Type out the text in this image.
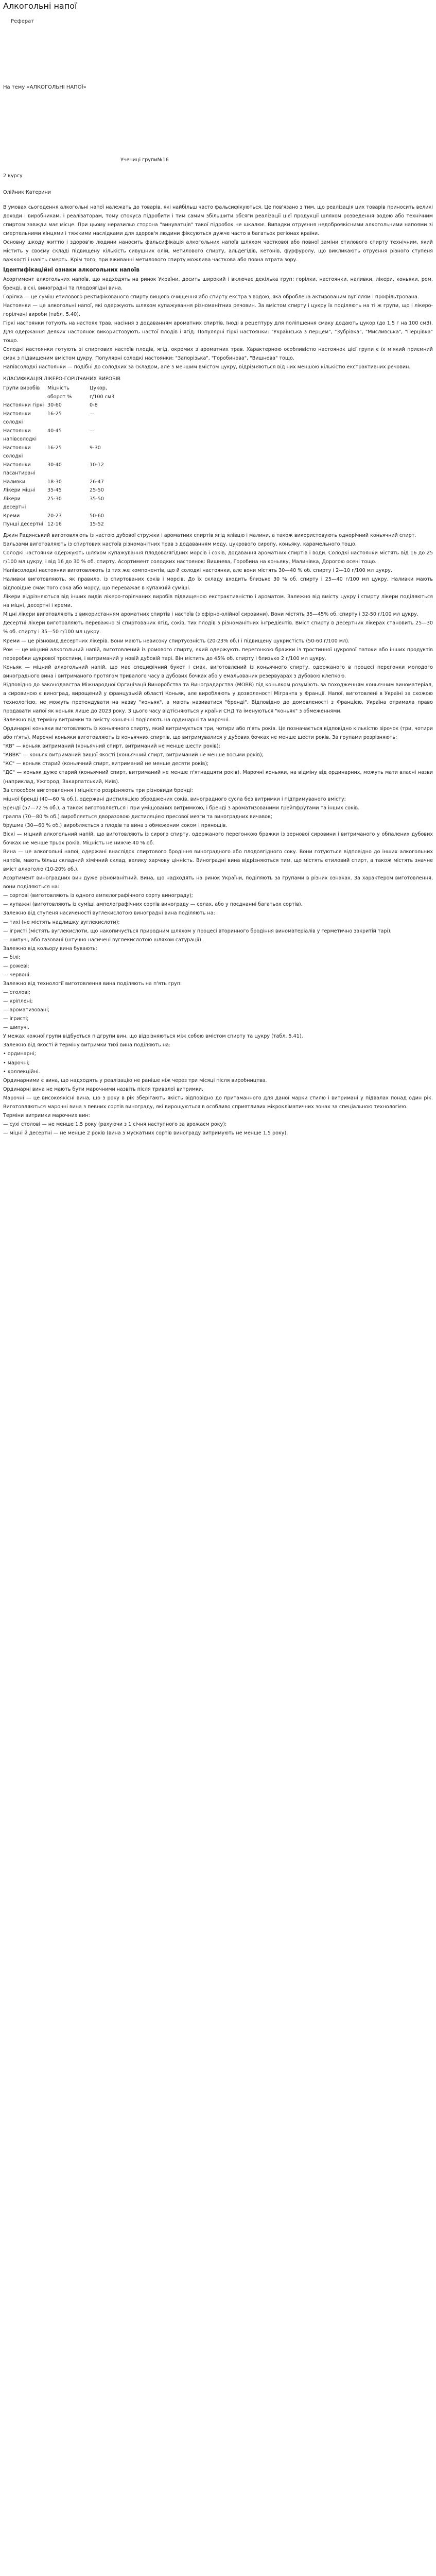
Алкогольні напої
Реферат
На тему «АЛКОГОЛЬНІ НАПОЇ»
Учениці групи№16
2 курсу
Олійник Катерини

В умовах сьогодення алкогольні напої належать до товарів, які найбільш часто фальсифікуються. Це пов'язано з тим, що реалізація цих товарів приносить великі доходи і виробникам, і реалізаторам, тому спокуса підробити і тим самим збільшити обсяги реалізації цієї продукції шляхом розведення водою або технічним спиртом завжди має місце. При цьому неразильо сторона "винуватців" такої підробок не шкалює. Випадки отруєння недоброякісними алкогольними напоями зі смертельними кінцями і тяжкими наслідками для здоров'я людини фіксуються дужче часто в багатьох регіонах країни.

Основну шкоду життю і здоров'ю людини наносить фальсифікація алкогольних напоїв шляхом часткової або повної заміни етилового спирту технічним, який містить у своєму складі підвищену кількість сивушних олій, метилового спирту, альдегідів, кетонів, фурфуролу, що викликають отруєння різного ступеня важкості і навіть смерть. Крім того, при вживанні метилового спирту можлива часткова або повна втрата зору.

Ідентифікаційні ознаки алкогольних напоїв

Асортимент алкогольних напоїв, що надходять на ринок України, досить широкий і включає декілька груп: горілки, настоянки, наливки, лікери, коньяки, ром, бренді, віскі, виноградні та плодоягідні вина.

Горілка — це суміш етилового ректифікованого спирту вищого очищення або спирту екстра з водою, яка оброблена активованим вугіллям і профільтрована.

Настоянки — це алкогольні напої, які одержують шляхом купажування різноманітних речовин. За вмістом спирту і цукру їх поділяють на ті ж групи, що і лікеро-горілчані вироби (табл. 5.40).

Гіркі настоянки готують на настоях трав, насіння з додаванням ароматних спиртів. Іноді в рецептуру для поліпшення смаку додають цукор (до 1,5 г на 100 см3). Для одержання деяких настоянок використовують настої плодів і ягід. Популярні гіркі настоянки: "Українська з перцем", "Зубрівка", "Мисливська", "Перцівка" тощо.

Солодкі настоянки готують зі спиртових настоїв плодів, ягід, окремих з ароматних трав. Характерною особливістю настоянок цієї групи є їх м'який приємний смак з підвищеним вмістом цукру. Популярні солодкі настоянки: "Запорізька", "Горобинова", "Вишнева" тощо.

Напівсолодкі настоянки — подібні до солодких за складом, але з меншим вмістом цукру, відрізняються від них меншою кількістю екстрактивних речовин.

КЛАСИФІКАЦІЯ ЛІКЕРО-ГОРІЛЧАНИХ ВИРОБІВ
Групи виробів	Міцність оборот %	Цукор, г/100 см3
Настоянки гіркі	30-60	0-8
Настоянки солодкі	16-25	—
Настоянки напівсолодкі	40-45	—
Настоянки солодкі	16-25	9-30
Настоянки пасантирані	30-40	10-12
Наливки	18-30	26-47
Лікери міцні	35-45	25-50
Лікери десертні	25-30	35-50
Креми	20-23	50-60
Пунші десертні	12-16	15-52

Джин Радянський виготовляють із настою дубової стружки і ароматних спиртів ягід ялівцю і малини, а також використовують однорічний коньячний спирт.

Бальзами виготовляють із спиртових настоїв різноманітних трав з додаванням меду, цукрового сиропу, коньяку, карамельного тощо.

Солодкі настоянки одержують шляхом купажування плодово/ягідних морсів і соків, додавання ароматних спиртів і води. Солодкі настоянки містять від 16 до 25 г/100 мл цукру, і від 16 до 30 % об. спирту. Асортимент солодких настоянок: Вишнева, Горобина на коньяку, Малинівка, Дорогою осені тощо.

Напівсолодкі настоянки виготовляють (з тих же компонентів, що й солодкі настоянки, але вони містять 30—40 % об. спирту і 2—10 г/100 мл цукру.

Наливки виготовляють, як правило, із спиртованих соків і морсів. До їх складу входить близько 30 % об. спирту і 25—40 г/100 мл цукру. Наливки мають відповідне смак того сока або морсу, що переважає в купажній суміші.

Лікери відрізняються від інших видів лікеро-горілчаних виробів підвищеною екстрактивністю і ароматом. Залежно від вмісту цукру і спирту лікери поділяються на міцні, десертні і креми.

Міцні лікери виготовляють з використанням ароматних спиртів і настоїв (з ефірно-олійної сировини). Вони містять 35—45% об. спирту і 32-50 г/100 мл цукру.

Десертні лікери виготовляють переважно зі спиртованих ягід, соків, тих плодів з різноманітних інгредієнтів. Вміст спирту в десертних лікерах становить 25—30 % об. спирту і 35—50 г/100 мл цукру.

Креми — це різновид десертних лікерів. Вони мають невисоку спиртуозність (20-23% об.) і підвищену цукристість (50-60 г/100 мл).

Ром — це міцний алкогольний напій, виготовлений із ромового спирту, який одержують перегонкою бражки із тростинної цукрової патоки або інших продуктів переробки цукрової тростини, і витриманий у новій дубовій тарі. Він містить до 45% об. спирту і близько 2 г/100 мл цукру.

Коньяк — міцний алкогольний напій, що має специфічний букет і смак, виготовлений із коньячного спирту, одержаного в процесі перегонки молодого виноградного вина і витриманого протягом тривалого часу в дубових бочках або у емальованих резервуарах з дубовою клепкою.

Відповідно до законодавства Міжнародної Організації Виноробства та Виноградарства (МОВВ) під коньяком розуміють за походженням коньячним виноматеріал, а сировиною є виноград, вирощений у французькій області Коньяк, але виробляють у дозволеності Мігранта у Франції. Напої, виготовлені в Україні за схожою технологією, не можуть претендувати на назву "коньяк", а мають називатися "бренді". Відповідно до домовленості з Францією, Україна отримала право продавати напої як коньяк лише до 2023 року. З цього часу відтісняються у країни СНД та іменуються "коньяк" з обмеженнями.

Залежно від терміну витримки та вмісту коньячні поділяють на ординарні та марочні.

Ординарні коньяки виготовляють із коньячного спирту, який витримується три, чотири або п'ять років. Це позначається відповідно кількістю зірочок (три, чотири або п'ять). Марочні коньяки виготовляють із коньячних спиртів, що витримувалися у дубових бочках не менше шести років. За групами розрізняють:

"КВ" — коньяк витриманий (коньячний спирт, витриманий не менше шести років);

"КВВК" — коньяк витриманий вищої якості (коньячний спирт, витриманий не менше восьми років);

"КС" — коньяк старий (коньячний спирт, витриманий не менше десяти років);

"ДС" — коньяк дуже старий (коньячний спирт, витриманий не менше п'ятнадцяти років). Марочні коньяки, на відміну від ординарних, можуть мати власні назви (наприклад, Ужгород, Закарпатський, Київ).

За способом виготовлення і міцністю розрізняють три різновиди бренді:

міцної бренді (40—60 % об.), одержані дистиляцією зброджених соків, виноградного сусла без витримки і підтримуваного вмісту;

Бренді (57—72 % об.), а також виготовляється і при уміщованих витримкою, і бренді з ароматизованими грейпфрутами та інших соків.

гралпа (70—80 % об.) виробляється дворазовою дистиляцією пресової мезги та виноградних вичавок;

брушма (30—60 % об.) виробляється з плодів та вина з обмеженим соком і прянощів.

Віскі — міцний алкогольний напій, що виготовляють із сирого спирту, одержаного перегонкою бражки із зернової сировини і витриманого у обпалених дубових бочках не менше трьох років. Міцність не нижче 40 % об.

Вина — це алкогольні напої, одержані внаслідок спиртового бродіння виноградного або плодоягідного соку. Вони готуються відповідно до інших алкогольних напоїв, мають більш складний хімічний склад, велику харчову цінність. Виноградні вина відрізняються тим, що містять етиловий спирт, а також містять значне вміст алкоголю (10-20% об.).

Асортимент виноградних вин дуже різноманітний. Вина, що надходять на ринок України, поділяють за групами в різних ознаках. За характером виготовлення, вони поділяються на:

— сортові (виготовляють із одного ампелографічного сорту винограду);

— купажні (виготовляють із суміші ампелографічних сортів винограду — селах, або у поєднанні багатьох сортів).

Залежно від ступеня насиченості вуглекислотою виноградні вина поділяють на:

— тихі (не містять надлишку вуглекислоти);

— ігристі (містять вуглекислоти, що накопичується природним шляхом у процесі вторинного бродіння виноматеріалів у герметично закритій тарі);

— шипучі, або газовані (штучно насичені вуглекислотою шляхом сатурації).

Залежно від кольору вина бувають:

— білі;

— рожеві;

— червоні.

Залежно від технології виготовлення вина поділяють на п'ять груп:

— столові;

— кріплені;

— ароматизовані;

— ігристі;

— шипучі.

У межах кожної групи відбується підгрупи вин, що відрізняються між собою вмістом спирту та цукру (табл. 5.41).

Залежно від якості й терміну витримки тихі вина поділяють на:

• ординарні;

• марочні;

• коллекційні.

Ординарними є вина, що надходять у реалізацію не раніше ніж через три місяці після виробництва.

Ординарні вина не мають бути марочними назвіть після тривалої витримки.

Марочні — це високоякісні вина, що з року в рік зберігають якість відповідно до притаманного для даної марки стилю і витримані у підвалах понад один рік. Виготовляються марочні вина з певних сортів винограду, які вирощуються в особливо сприятливих мікрокліматичних зонах за спеціальною технологією.

Терміни витримки марочних вин:

— сухі столові — не менше 1,5 року (рахуючи з 1 січня наступного за врожаєм року);

— міцні й десертні — не менше 2 років (вина з мускатних сортів винограду витримують не менше 1,5 року).
